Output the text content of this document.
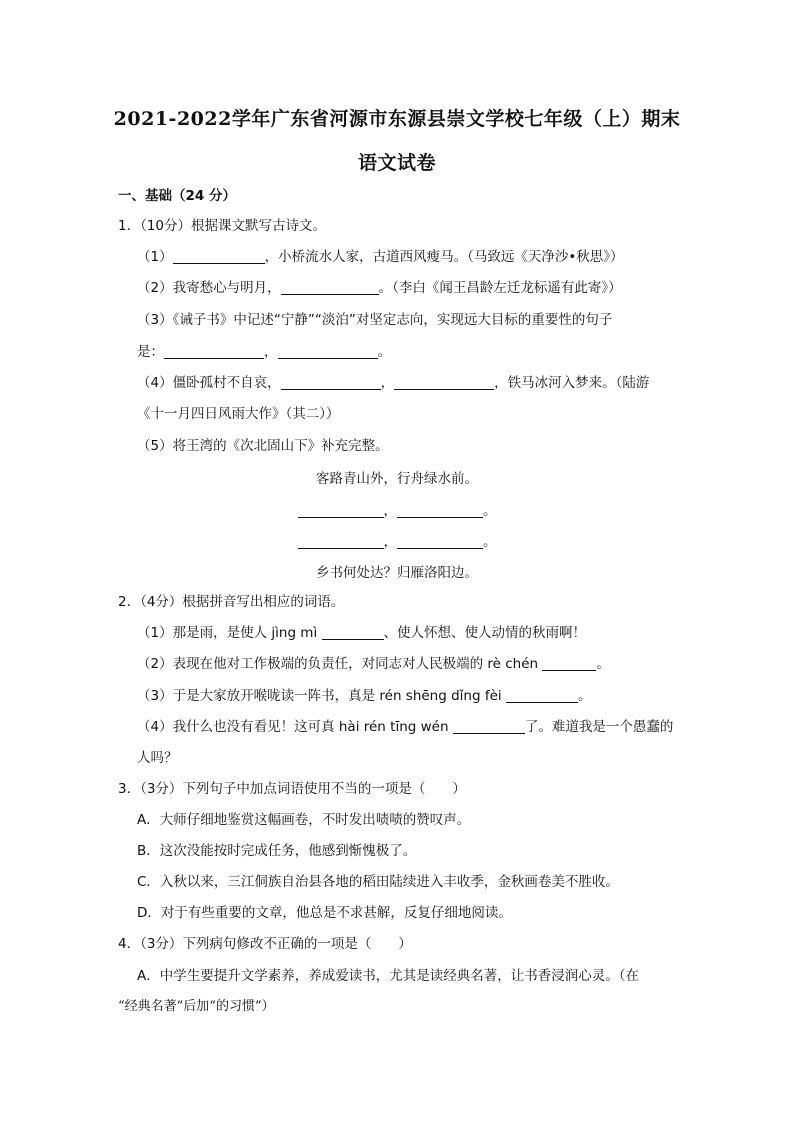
2021-2022学年广东省河源市东源县崇文学校七年级（上）期末
语文试卷
一、基础（24 分）
1．（10分）根据课文默写古诗文。
（1）	，小桥流水人家，古道西风瘦马。（马致远《天净沙•秋思》）
（2）我寄愁心与明月，	。（李白《闻王昌龄左迁龙标遥有此寄》）
（3）《诫子书》中记述“宁静”“淡泊”对坚定志向，实现远大目标的重要性的句子
是：	，	。
（4）僵卧孤村不自哀，	，	，铁马冰河入梦来。（陆游
《十一月四日风雨大作》（其二））
（5）将王湾的《次北固山下》补充完整。
客路青山外，行舟绿水前。
，	。
，	。
乡书何处达？归雁洛阳边。
2．（4分）根据拼音写出相应的词语。
（1）那是雨，是使人 jìng mì	、使人怀想、使人动情的秋雨啊！
（2）表现在他对工作极端的负责任，对同志对人民极端的 rè chén	。
（3）于是大家放开喉咙读一阵书，真是 rén shēng dǐng fèi	。
（4）我什么也没有看见！这可真 hài rén tīng wén	了。难道我是一个愚蠢的
人吗？
3．（3分）下列句子中加点词语使用不当的一项是（　　）
A．大师仔细地鉴赏这幅画卷，不时发出啧啧的赞叹声。
B．这次没能按时完成任务，他感到惭愧极了。
C．入秋以来，三江侗族自治县各地的稻田陆续进入丰收季，金秋画卷美不胜收。
D．对于有些重要的文章，他总是不求甚解，反复仔细地阅读。
4．（3分）下列病句修改不正确的一项是（　　）
A．中学生要提升文学素养，养成爱读书，尤其是读经典名著，让书香浸润心灵。（在
“经典名著”后加“的习惯”）
